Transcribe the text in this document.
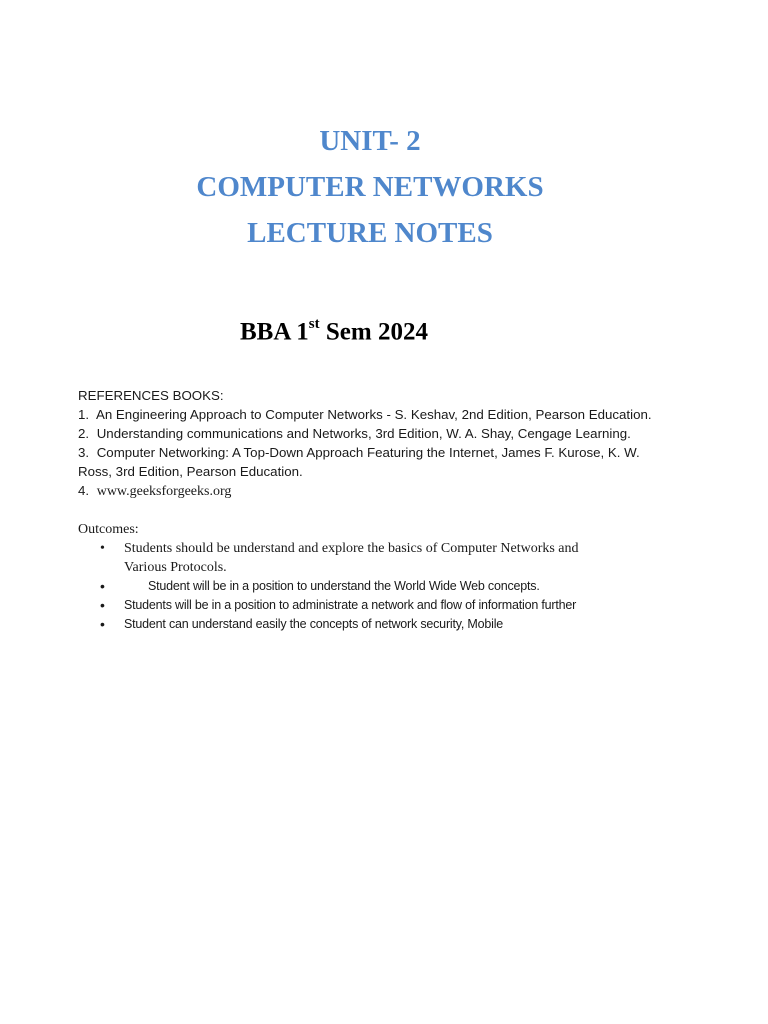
UNIT- 2
COMPUTER NETWORKS
LECTURE NOTES
BBA 1st Sem 2024
REFERENCES BOOKS:
1. An Engineering Approach to Computer Networks - S. Keshav, 2nd Edition, Pearson Education.
2. Understanding communications and Networks, 3rd Edition, W. A. Shay, Cengage Learning.
3. Computer Networking: A Top-Down Approach Featuring the Internet, James F. Kurose, K. W.
Ross, 3rd Edition, Pearson Education.
4. www.geeksforgeeks.org
Outcomes:
• Students should be understand and explore the basics of Computer Networks and
Various Protocols.
•	Student will be in a position to understand the World Wide Web concepts.
• Students will be in a position to administrate a network and flow of information further
• Student can understand easily the concepts of network security, Mobile
